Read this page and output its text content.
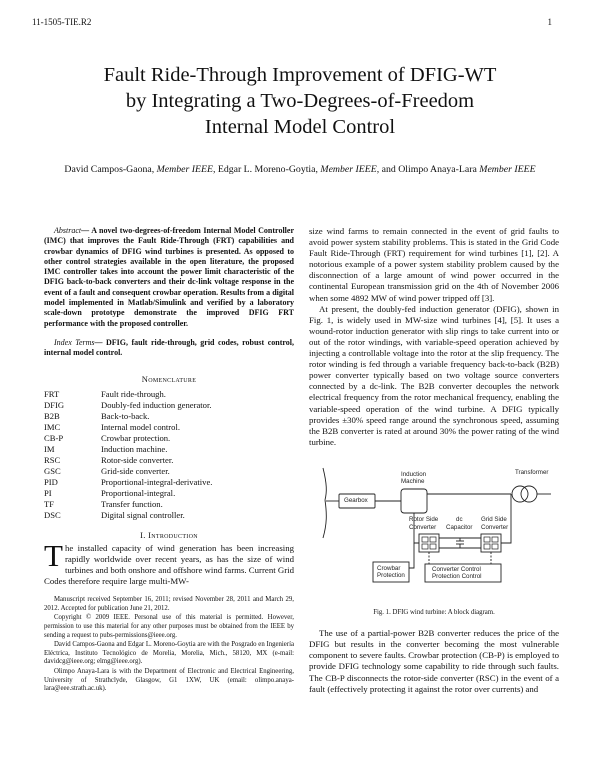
11-1505-TIE.R2	1
Fault Ride-Through Improvement of DFIG-WT
by Integrating a Two-Degrees-of-Freedom
Internal Model Control
David Campos-Gaona, Member IEEE, Edgar L. Moreno-Goytia, Member IEEE, and Olimpo Anaya-Lara Member IEEE

Abstract— A novel two-degrees-of-freedom Internal Model Controller (IMC) that improves the Fault Ride-Through (FRT) capabilities and crowbar dynamics of DFIG wind turbines is presented. As opposed to other control strategies available in the open literature, the proposed IMC controller takes into account the power limit characteristic of the DFIG back-to-back converters and their dc-link voltage response in the event of a fault and consequent crowbar operation. Results from a digital model implemented in Matlab/Simulink and verified by a laboratory scale-down prototype demonstrate the improved DFIG FRT performance with the proposed controller.

Index Terms— DFIG, fault ride-through, grid codes, robust control, internal model control.

Nomenclature
FRT	Fault ride-through.
DFIG	Doubly-fed induction generator.
B2B	Back-to-back.
IMC	Internal model control.
CB-P	Crowbar protection.
IM	Induction machine.
RSC	Rotor-side converter.
GSC	Grid-side converter.
PID	Proportional-integral-derivative.
PI	Proportional-integral.
TF	Transfer function.
DSC	Digital signal controller.
I. Introduction

The installed capacity of wind generation has been increasing rapidly worldwide over recent years, as has the size of wind turbines and both onshore and offshore wind farms. Current Grid Codes therefore require large multi-MW-

Manuscript received September 16, 2011; revised November 28, 2011 and March 29, 2012. Accepted for publication June 21, 2012.

Copyright © 2009 IEEE. Personal use of this material is permitted. However, permission to use this material for any other purposes must be obtained from the IEEE by sending a request to pubs-permissions@ieee.org.

David Campos-Gaona and Edgar L. Moreno-Goytia are with the Posgrado en Ingeniería Eléctrica, Instituto Tecnológico de Morelia, Morelia, Mich., 58120, MX (e-mail: davidcg@ieee.org; elmg@ieee.org).

Olimpo Anaya-Lara is with the Department of Electronic and Electrical Engineering, University of Strathclyde, Glasgow, G1 1XW, UK (email: olimpo.anaya-lara@eee.strath.ac.uk).

size wind farms to remain connected in the event of grid faults to avoid power system stability problems. This is stated in the Grid Code Fault Ride-Through (FRT) requirement for wind turbines [1], [2]. A notorious example of a power system stability problem caused by the disconnection of a large amount of wind power occurred in the continental European transmission grid on the 4th of November 2006 when some 4892 MW of wind power tripped off [3].

At present, the doubly-fed induction generator (DFIG), shown in Fig. 1, is widely used in MW-size wind turbines [4], [5]. It uses a wound-rotor induction generator with slip rings to take current into or out of the rotor windings, with variable-speed operation achieved by injecting a controllable voltage into the rotor at the slip frequency. The rotor winding is fed through a variable frequency back-to-back (B2B) power converter typically based on two voltage source converters connected by a dc-link. The B2B converter decouples the network electrical frequency from the rotor mechanical frequency, enabling the variable-speed operation of the wind turbine. A DFIG typically provides ±30% speed range around the synchronous speed, assuming the B2B converter is rated at around 30% the power rating of the wind turbine.

Gearbox
Induction
Machine
Transformer
Rotor Side
Converter
dc
Capacitor
Grid Side
Converter
Crowbar
Protection
Converter Control
Protection Control
Fig. 1. DFIG wind turbine: A block diagram.

The use of a partial-power B2B converter reduces the price of the DFIG but results in the converter becoming the most vulnerable component to severe faults. Crowbar protection (CB-P) is employed to provide DFIG technology some capability to ride through such faults. The CB-P disconnects the rotor-side converter (RSC) in the event of a fault (effectively protecting it against the rotor over currents) and
